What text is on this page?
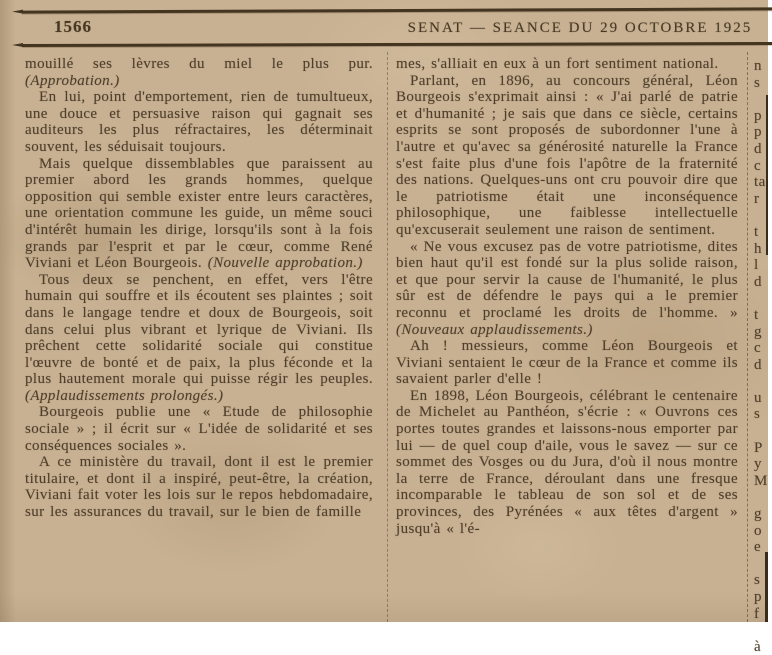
1566	SENAT — SEANCE DU 29 OCTOBRE 1925

mouillé ses lèvres du miel le plus pur. (Approbation.)

En lui, point d'emportement, rien de tumultueux, une douce et persuasive raison qui gagnait ses auditeurs les plus réfractaires, les déterminait souvent, les séduisait toujours.

Mais quelque dissemblables que paraissent au premier abord les grands hommes, quelque opposition qui semble exister entre leurs caractères, une orientation commune les guide, un même souci d'intérêt humain les dirige, lorsqu'ils sont à la fois grands par l'esprit et par le cœur, comme René Viviani et Léon Bourgeois. (Nouvelle approbation.)

Tous deux se penchent, en effet, vers l'être humain qui souffre et ils écoutent ses plaintes ; soit dans le langage tendre et doux de Bourgeois, soit dans celui plus vibrant et lyrique de Viviani. Ils prêchent cette solidarité sociale qui constitue l'œuvre de bonté et de paix, la plus féconde et la plus hautement morale qui puisse régir les peuples. (Applaudissements prolongés.)

Bourgeois publie une « Etude de philosophie sociale » ; il écrit sur « L'idée de solidarité et ses conséquences sociales ».

A ce ministère du travail, dont il est le premier titulaire, et dont il a inspiré, peut-être, la création, Viviani fait voter les lois sur le repos hebdomadaire, sur les assurances du travail, sur le bien de famille

mes, s'alliait en eux à un fort sentiment national.

Parlant, en 1896, au concours général, Léon Bourgeois s'exprimait ainsi : « J'ai parlé de patrie et d'humanité ; je sais que dans ce siècle, certains esprits se sont proposés de subordonner l'une à l'autre et qu'avec sa générosité naturelle la France s'est faite plus d'une fois l'apôtre de la fraternité des nations. Quelques-uns ont cru pouvoir dire que le patriotisme était une inconséquence philosophique, une faiblesse intellectuelle qu'excuserait seulement une raison de sentiment.

« Ne vous excusez pas de votre patriotisme, dites bien haut qu'il est fondé sur la plus solide raison, et que pour servir la cause de l'humanité, le plus sûr est de défendre le pays qui a le premier reconnu et proclamé les droits de l'homme. » (Nouveaux applaudissements.)

Ah ! messieurs, comme Léon Bourgeois et Viviani sentaient le cœur de la France et comme ils savaient parler d'elle !

En 1898, Léon Bourgeois, célébrant le centenaire de Michelet au Panthéon, s'écrie : « Ouvrons ces portes toutes grandes et laissons-nous emporter par lui — de quel coup d'aile, vous le savez — sur ce sommet des Vosges ou du Jura, d'où il nous montre la terre de France, déroulant dans une fresque incomparable le tableau de son sol et de ses provinces, des Pyrénées « aux têtes d'argent » jusqu'à « l'é-

n
s
p
p
d
c
ta
r
t
h
l
d
t
g
c
d
u
s
P
y
M
g
o
e
s
p
f
à
